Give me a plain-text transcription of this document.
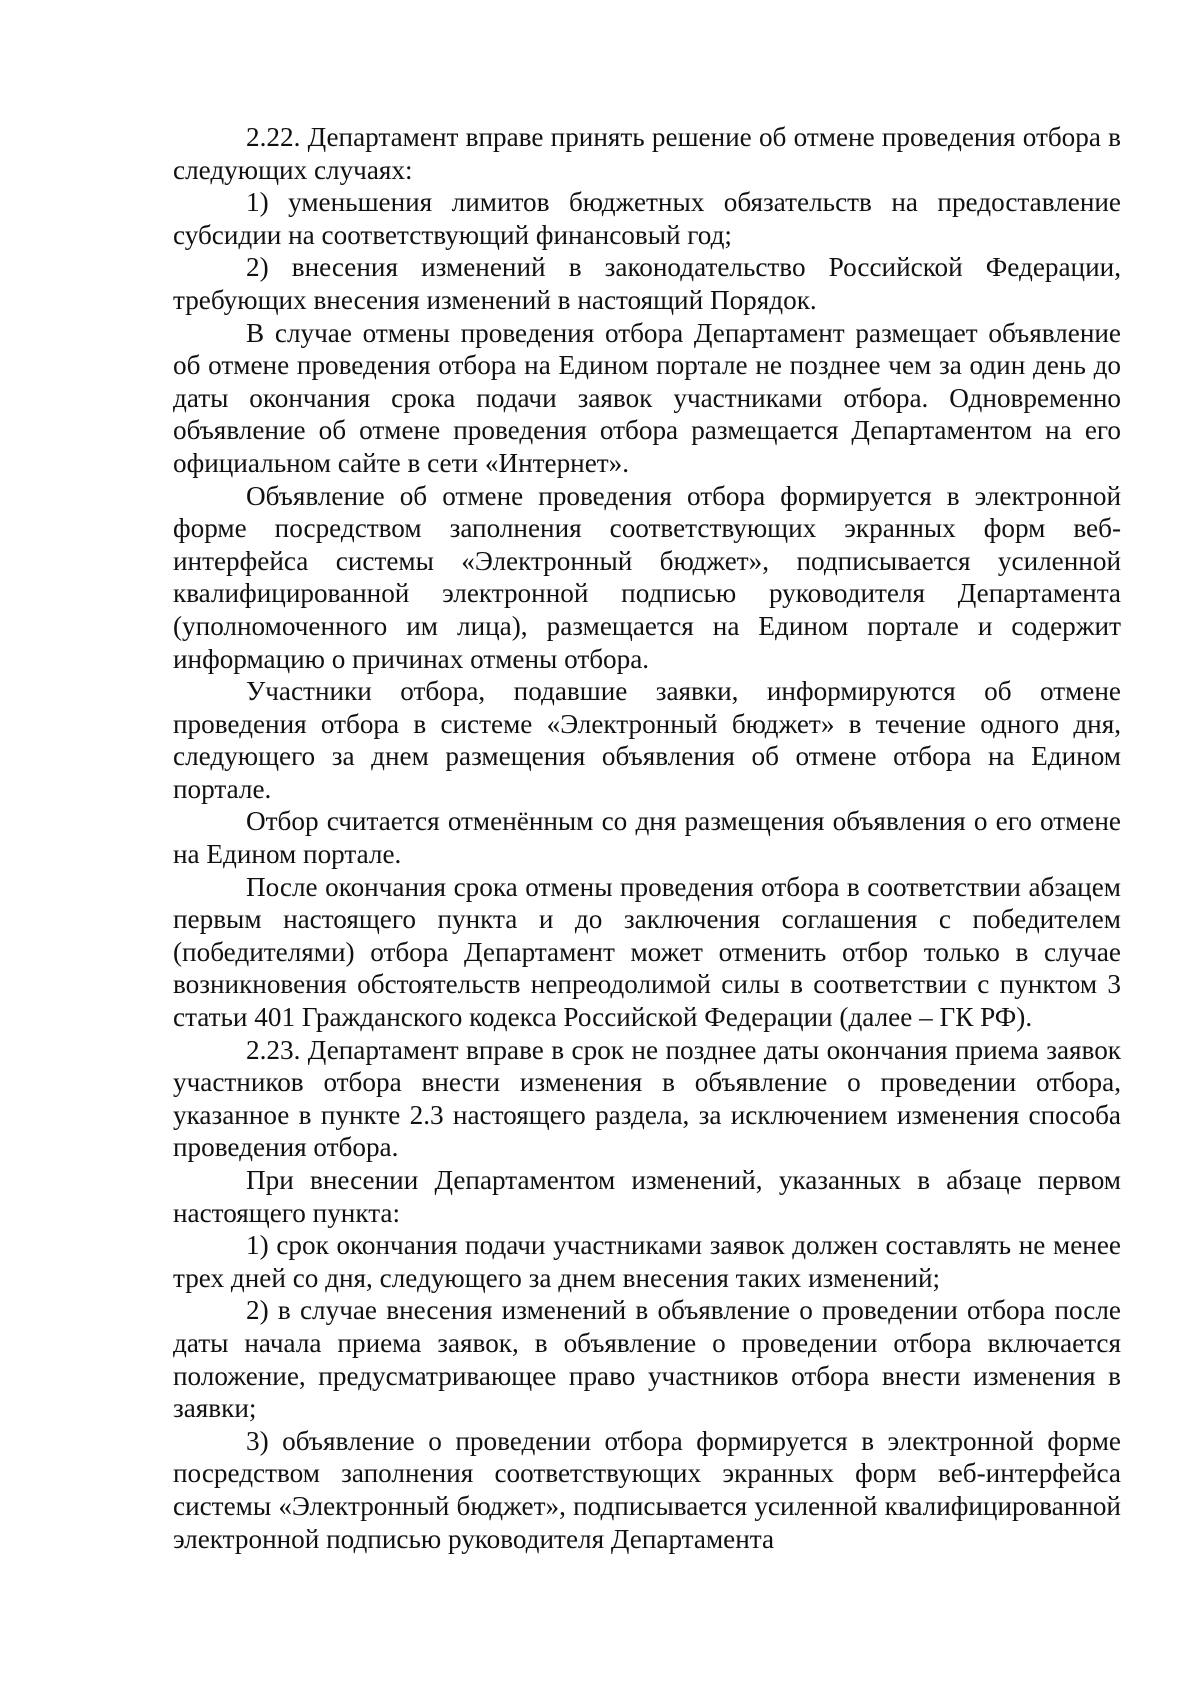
2.22. Департамент вправе принять решение об отмене проведения отбора в следующих случаях:

1) уменьшения лимитов бюджетных обязательств на предоставление субсидии на соответствующий финансовый год;

2) внесения изменений в законодательство Российской Федерации, требующих внесения изменений в настоящий Порядок.

В случае отмены проведения отбора Департамент размещает объявление об отмене проведения отбора на Едином портале не позднее чем за один день до даты окончания срока подачи заявок участниками отбора. Одновременно объявление об отмене проведения отбора размещается Департаментом на его официальном сайте в сети «Интернет».

Объявление об отмене проведения отбора формируется в электронной форме посредством заполнения соответствующих экранных форм веб-интерфейса системы «Электронный бюджет», подписывается усиленной квалифицированной электронной подписью руководителя Департамента (уполномоченного им лица), размещается на Едином портале и содержит информацию о причинах отмены отбора.

Участники отбора, подавшие заявки, информируются об отмене проведения отбора в системе «Электронный бюджет» в течение одного дня, следующего за днем размещения объявления об отмене отбора на Едином портале.

Отбор считается отменённым со дня размещения объявления о его отмене на Едином портале.

После окончания срока отмены проведения отбора в соответствии абзацем первым настоящего пункта и до заключения соглашения с победителем (победителями) отбора Департамент может отменить отбор только в случае возникновения обстоятельств непреодолимой силы в соответствии с пунктом 3 статьи 401 Гражданского кодекса Российской Федерации (далее – ГК РФ).

2.23. Департамент вправе в срок не позднее даты окончания приема заявок участников отбора внести изменения в объявление о проведении отбора, указанное в пункте 2.3 настоящего раздела, за исключением изменения способа проведения отбора.

При внесении Департаментом изменений, указанных в абзаце первом настоящего пункта:

1) срок окончания подачи участниками заявок должен составлять не менее трех дней со дня, следующего за днем внесения таких изменений;

2) в случае внесения изменений в объявление о проведении отбора после даты начала приема заявок, в объявление о проведении отбора включается положение, предусматривающее право участников отбора внести изменения в заявки;

3) объявление о проведении отбора формируется в электронной форме посредством заполнения соответствующих экранных форм веб-интерфейса системы «Электронный бюджет», подписывается усиленной квалифицированной электронной подписью руководителя Департамента
